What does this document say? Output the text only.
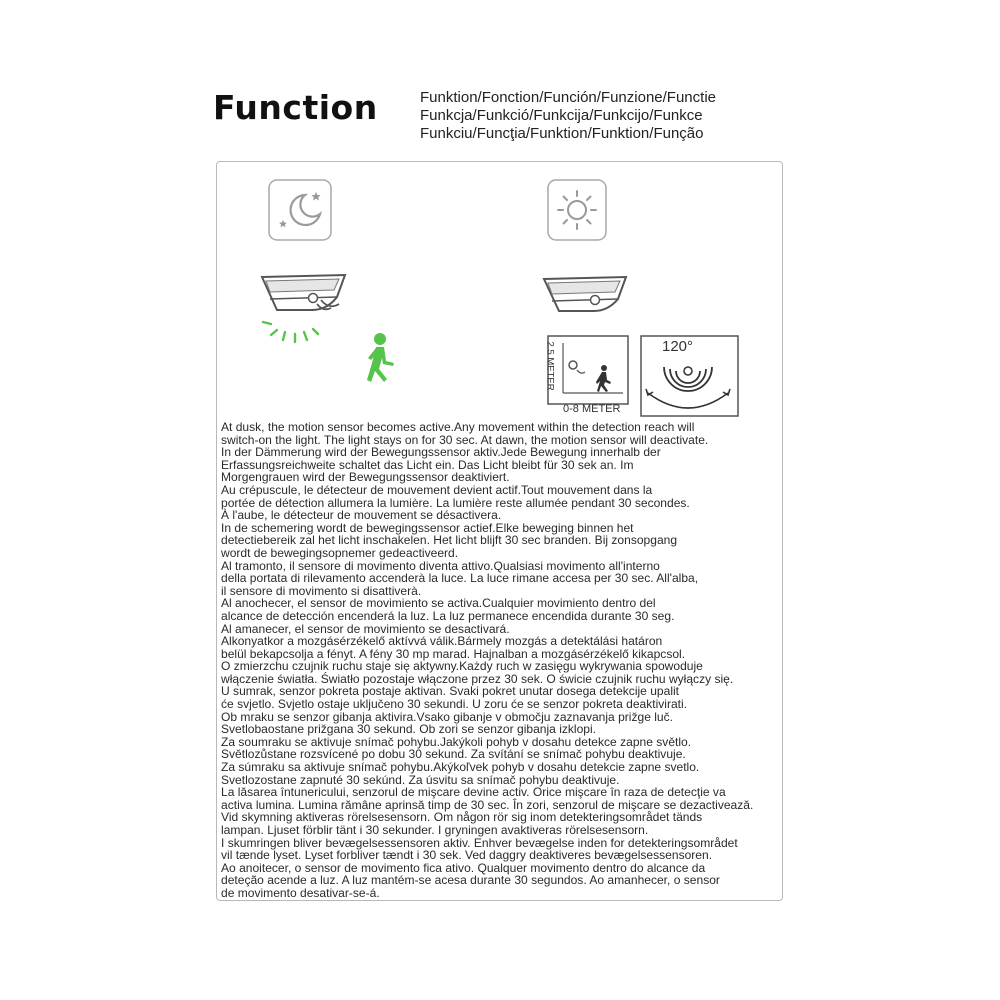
Function	Funktion/Fonction/Función/Funzione/Functie
Funkcja/Funkció/Funkcija/Funkcijo/Funkce
Funkciu/Funcţia/Funktion/Funktion/Função
2.5 METER
0-8 METER
120°
At dusk, the motion sensor becomes active.Any movement within the detection reach will
switch-on the light. The light stays on for 30 sec. At dawn, the motion sensor will deactivate.
In der Dämmerung wird der Bewegungssensor aktiv.Jede Bewegung innerhalb der
Erfassungsreichweite schaltet das Licht ein. Das Licht bleibt für 30 sek an. Im
Morgengrauen wird der Bewegungssensor deaktiviert.
Au crépuscule, le détecteur de mouvement devient actif.Tout mouvement dans la
portée de détection allumera la lumière. La lumière reste allumée pendant 30 secondes.
À l'aube, le détecteur de mouvement se désactivera.
In de schemering wordt de bewegingssensor actief.Elke beweging binnen het
detectiebereik zal het licht inschakelen. Het licht blijft 30 sec branden. Bij zonsopgang
wordt de bewegingsopnemer gedeactiveerd.
Al tramonto, il sensore di movimento diventa attivo.Qualsiasi movimento all'interno
della portata di rilevamento accenderà la luce. La luce rimane accesa per 30 sec. All'alba,
il sensore di movimento si disattiverà.
Al anochecer, el sensor de movimiento se activa.Cualquier movimiento dentro del
alcance de detección encenderá la luz. La luz permanece encendida durante 30 seg.
Al amanecer, el sensor de movimiento se desactivará.
Alkonyatkor a mozgásérzékelő aktívvá válik.Bármely mozgás a detektálási határon
belül bekapcsolja a fényt. A fény 30 mp marad. Hajnalban a mozgásérzékelő kikapcsol.
O zmierzchu czujnik ruchu staje się aktywny.Każdy ruch w zasięgu wykrywania spowoduje
włączenie światła. Światło pozostaje włączone przez 30 sek. O świcie czujnik ruchu wyłączy się.
U sumrak, senzor pokreta postaje aktivan. Svaki pokret unutar dosega detekcije upalit
će svjetlo. Svjetlo ostaje uključeno 30 sekundi. U zoru će se senzor pokreta deaktivirati.
Ob mraku se senzor gibanja aktivira.Vsako gibanje v območju zaznavanja prižge luč.
Svetlobaostane prižgana 30 sekund. Ob zori se senzor gibanja izklopi.
Za soumraku se aktivuje snímač pohybu.Jakýkoli pohyb v dosahu detekce zapne světlo.
Světlozůstane rozsvícené po dobu 30 sekund. Za svítání se snímač pohybu deaktivuje.
Za súmraku sa aktivuje snímač pohybu.Akýkoľvek pohyb v dosahu detekcie zapne svetlo.
Svetlozostane zapnuté 30 sekúnd. Za úsvitu sa snímač pohybu deaktivuje.
La lăsarea întunericului, senzorul de mişcare devine activ. Orice mişcare în raza de detecţie va
activa lumina. Lumina rămâne aprinsă timp de 30 sec. În zori, senzorul de mişcare se dezactivează.
Vid skymning aktiveras rörelsesensorn. Om någon rör sig inom detekteringsområdet tänds
lampan. Ljuset förblir tänt i 30 sekunder. I gryningen avaktiveras rörelsesensorn.
I skumringen bliver bevægelsessensoren aktiv. Enhver bevægelse inden for detekteringsområdet
vil tænde lyset. Lyset forbliver tændt i 30 sek. Ved daggry deaktiveres bevægelsessensoren.
Ao anoitecer, o sensor de movimento fica ativo. Qualquer movimento dentro do alcance da
deteção acende a luz. A luz mantém-se acesa durante 30 segundos. Ao amanhecer, o sensor
de movimento desativar-se-á.
